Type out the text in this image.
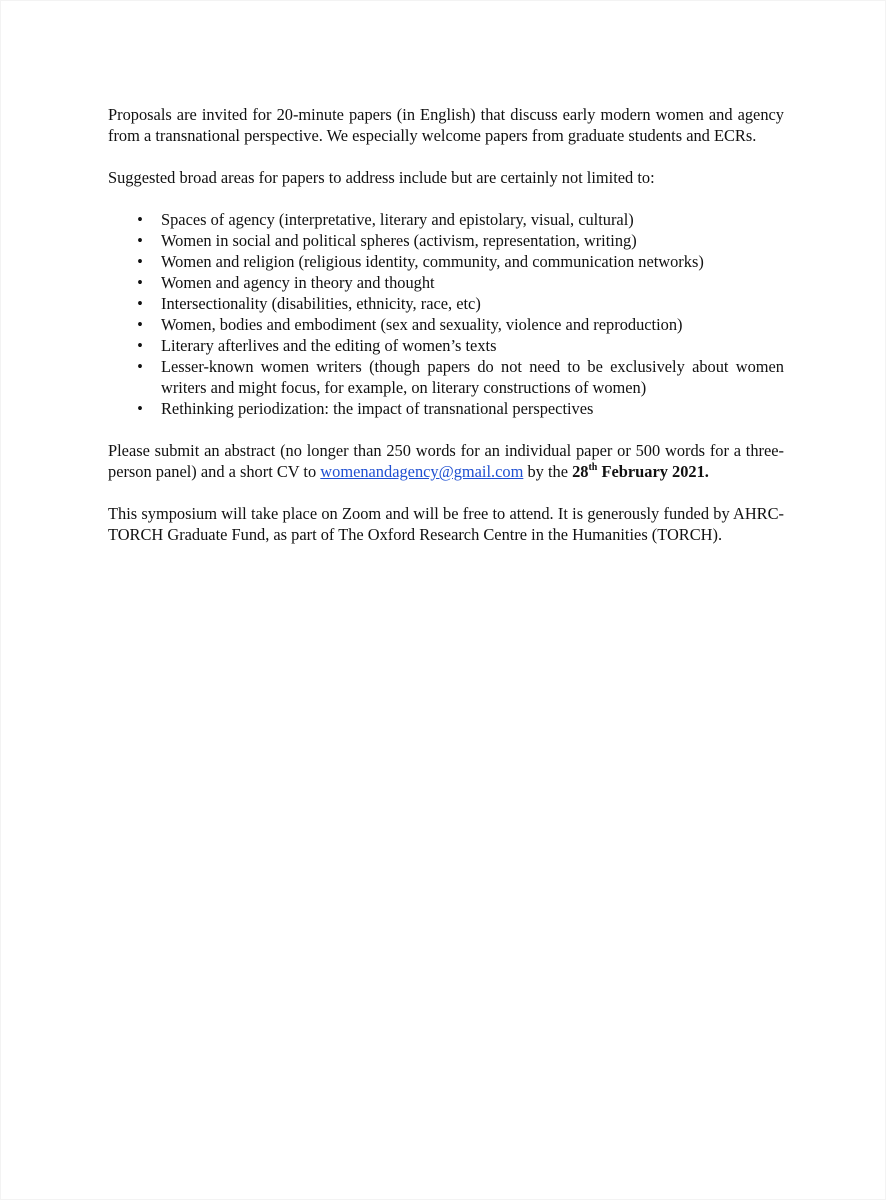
Proposals are invited for 20-minute papers (in English) that discuss early modern women and agency from a transnational perspective. We especially welcome papers from graduate students and ECRs.

Suggested broad areas for papers to address include but are certainly not limited to:

• Spaces of agency (interpretative, literary and epistolary, visual, cultural)
• Women in social and political spheres (activism, representation, writing)
• Women and religion (religious identity, community, and communication networks)
• Women and agency in theory and thought
• Intersectionality (disabilities, ethnicity, race, etc)
• Women, bodies and embodiment (sex and sexuality, violence and reproduction)
• Literary afterlives and the editing of women’s texts
• Lesser-known women writers (though papers do not need to be exclusively about women writers and might focus, for example, on literary constructions of women)
• Rethinking periodization: the impact of transnational perspectives

Please submit an abstract (no longer than 250 words for an individual paper or 500 words for a three-person panel) and a short CV to womenandagency@gmail.com by the 28th February 2021.

This symposium will take place on Zoom and will be free to attend. It is generously funded by AHRC-TORCH Graduate Fund, as part of The Oxford Research Centre in the Humanities (TORCH).
